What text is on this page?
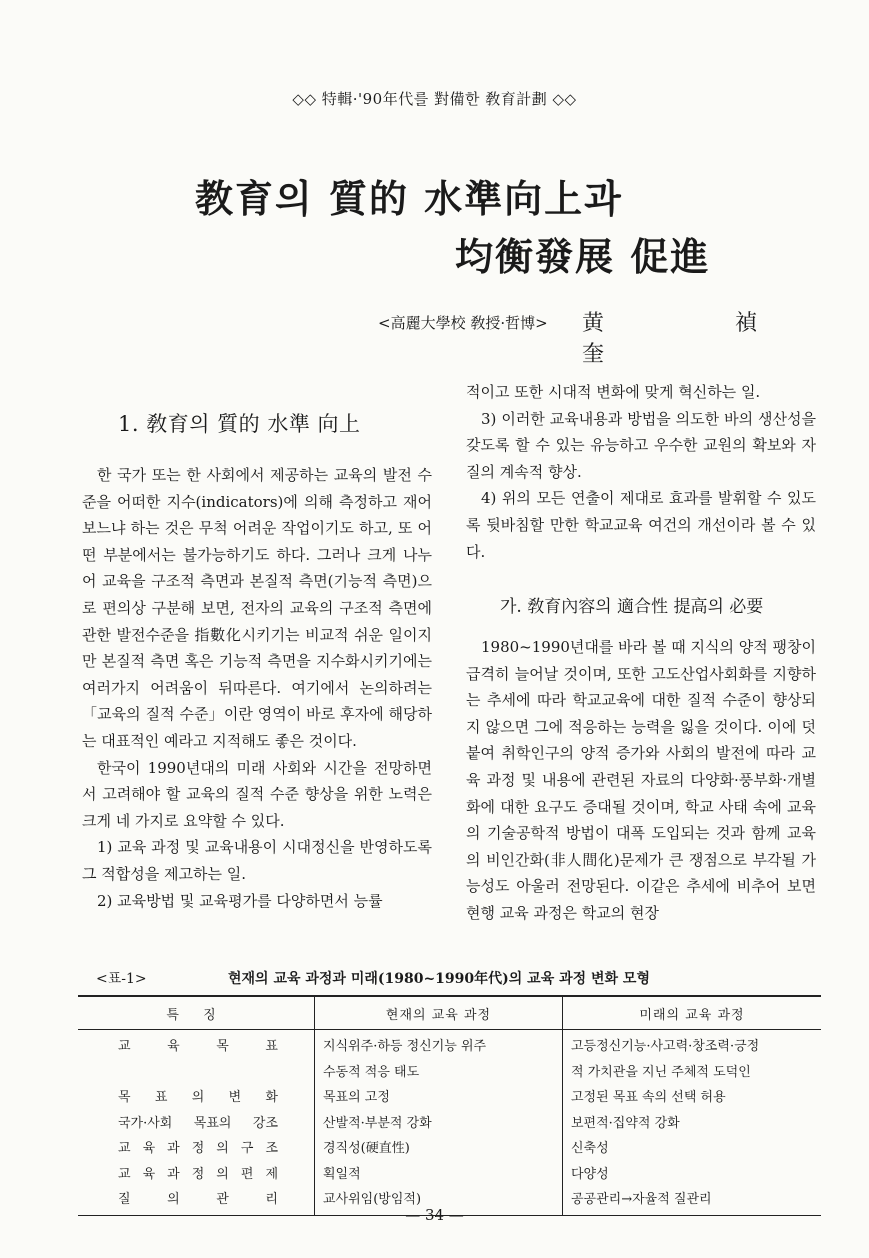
◇◇ 特輯·'90年代를 對備한 敎育計劃 ◇◇
教育의 質的 水準向上과
均衡發展 促進
<高麗大學校 敎授·哲博> 黄 禎 奎
1. 敎育의 質的 水準 向上

한 국가 또는 한 사회에서 제공하는 교육의 발전 수준을 어떠한 지수(indicators)에 의해 측정하고 재어보느냐 하는 것은 무척 어려운 작업이기도 하고, 또 어떤 부분에서는 불가능하기도 하다. 그러나 크게 나누어 교육을 구조적 측면과 본질적 측면(기능적 측면)으로 편의상 구분해 보면, 전자의 교육의 구조적 측면에 관한 발전수준을 指數化시키기는 비교적 쉬운 일이지만 본질적 측면 혹은 기능적 측면을 지수화시키기에는 여러가지 어려움이 뒤따른다. 여기에서 논의하려는 「교육의 질적 수준」이란 영역이 바로 후자에 해당하는 대표적인 예라고 지적해도 좋은 것이다.

한국이 1990년대의 미래 사회와 시간을 전망하면서 고려해야 할 교육의 질적 수준 향상을 위한 노력은 크게 네 가지로 요약할 수 있다.

1) 교육 과정 및 교육내용이 시대정신을 반영하도록 그 적합성을 제고하는 일.

2) 교육방법 및 교육평가를 다양하면서 능률

적이고 또한 시대적 변화에 맞게 혁신하는 일.

3) 이러한 교육내용과 방법을 의도한 바의 생산성을 갖도록 할 수 있는 유능하고 우수한 교원의 확보와 자질의 계속적 향상.

4) 위의 모든 연출이 제대로 효과를 발휘할 수 있도록 뒷바침할 만한 학교교육 여건의 개선이라 볼 수 있다.

가. 敎育內容의 適合性 提高의 必要

1980~1990년대를 바라 볼 때 지식의 양적 팽창이 급격히 늘어날 것이며, 또한 고도산업사회화를 지향하는 추세에 따라 학교교육에 대한 질적 수준이 향상되지 않으면 그에 적응하는 능력을 잃을 것이다. 이에 덧붙여 취학인구의 양적 증가와 사회의 발전에 따라 교육 과정 및 내용에 관련된 자료의 다양화·풍부화·개별화에 대한 요구도 증대될 것이며, 학교 사태 속에 교육의 기술공학적 방법이 대폭 도입되는 것과 함께 교육의 비인간화(非人間化)문제가 큰 쟁점으로 부각될 가능성도 아울러 전망된다. 이같은 추세에 비추어 보면 현행 교육 과정은 학교의 현장

<표-1>	현재의 교육 과정과 미래(1980~1990年代)의 교육 과정 변화 모형
특 징	현재의 교육 과정	미래의 교육 과정
교 육 목 표	지식위주·하등 정신기능 위주	고등정신기능·사고력·창조력·긍정
	수동적 적응 태도	적 가치관을 지닌 주체적 도덕인
목 표 의 변 화	목표의 고정	고정된 목표 속의 선택 허용
국가·사회 목표의 강조	산발적·부분적 강화	보편적·집약적 강화
교 육 과 정 의 구 조	경직성(硬直性)	신축성
교 육 과 정 의 편 제	획일적	다양성
질 의 관 리	교사위임(방임적)	공공관리→자율적 질관리
— 34 —
